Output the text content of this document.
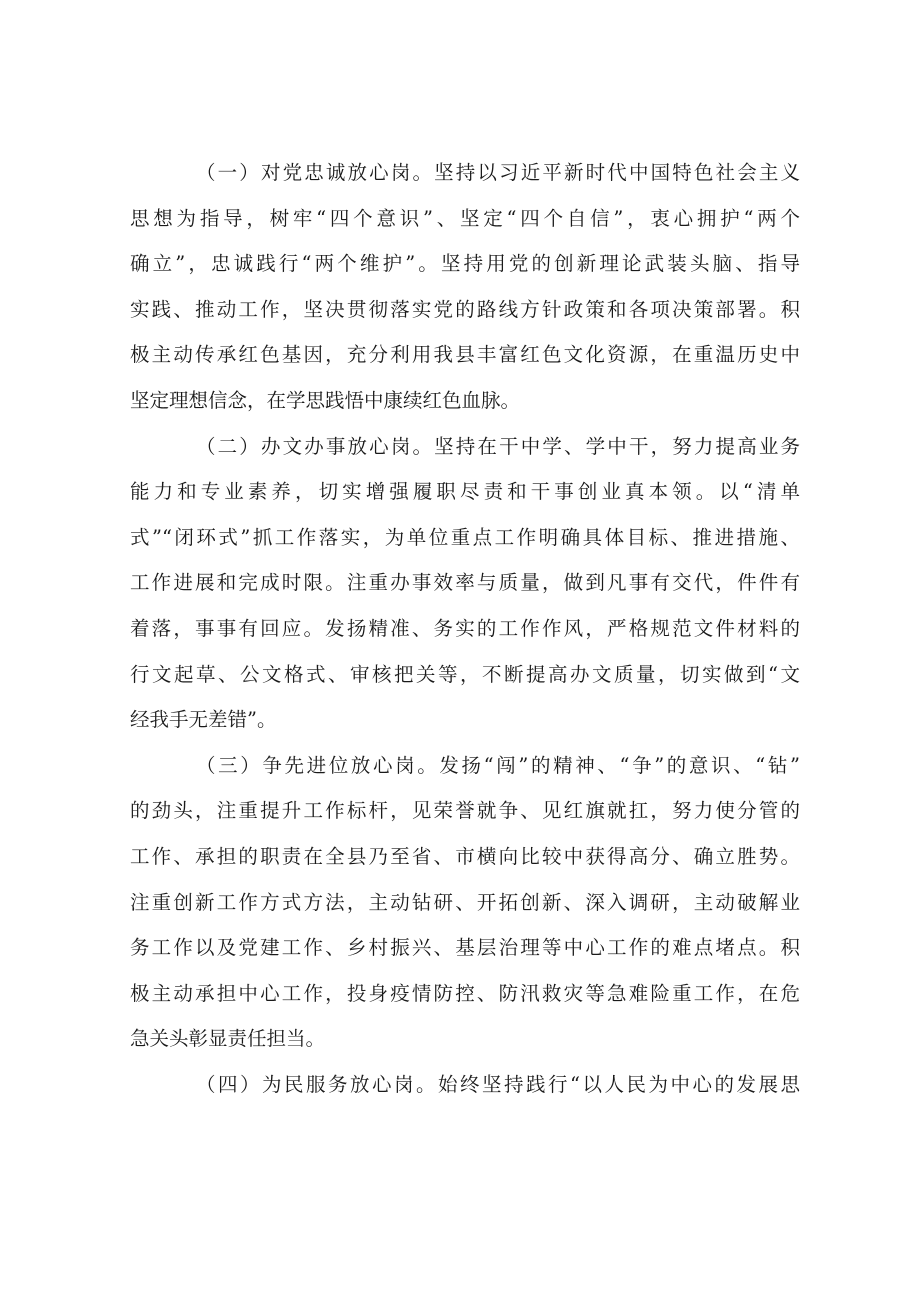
（一）对党忠诚放心岗。坚持以习近平新时代中国特色社会主义
思想为指导，树牢“四个意识”、坚定“四个自信”，衷心拥护“两个
确立”，忠诚践行“两个维护”。坚持用党的创新理论武装头脑、指导
实践、推动工作，坚决贯彻落实党的路线方针政策和各项决策部署。积
极主动传承红色基因，充分利用我县丰富红色文化资源，在重温历史中
坚定理想信念，在学思践悟中康续红色血脉。
（二）办文办事放心岗。坚持在干中学、学中干，努力提高业务
能力和专业素养，切实增强履职尽责和干事创业真本领。以“清单
式”“闭环式”抓工作落实，为单位重点工作明确具体目标、推进措施、
工作进展和完成时限。注重办事效率与质量，做到凡事有交代，件件有
着落，事事有回应。发扬精准、务实的工作作风，严格规范文件材料的
行文起草、公文格式、审核把关等，不断提高办文质量，切实做到“文
经我手无差错”。
（三）争先进位放心岗。发扬“闯”的精神、“争”的意识、“钻”
的劲头，注重提升工作标杆，见荣誉就争、见红旗就扛，努力使分管的
工作、承担的职责在全县乃至省、市横向比较中获得高分、确立胜势。
注重创新工作方式方法，主动钻研、开拓创新、深入调研，主动破解业
务工作以及党建工作、乡村振兴、基层治理等中心工作的难点堵点。积
极主动承担中心工作，投身疫情防控、防汛救灾等急难险重工作，在危
急关头彰显责任担当。
（四）为民服务放心岗。始终坚持践行“以人民为中心的发展思
